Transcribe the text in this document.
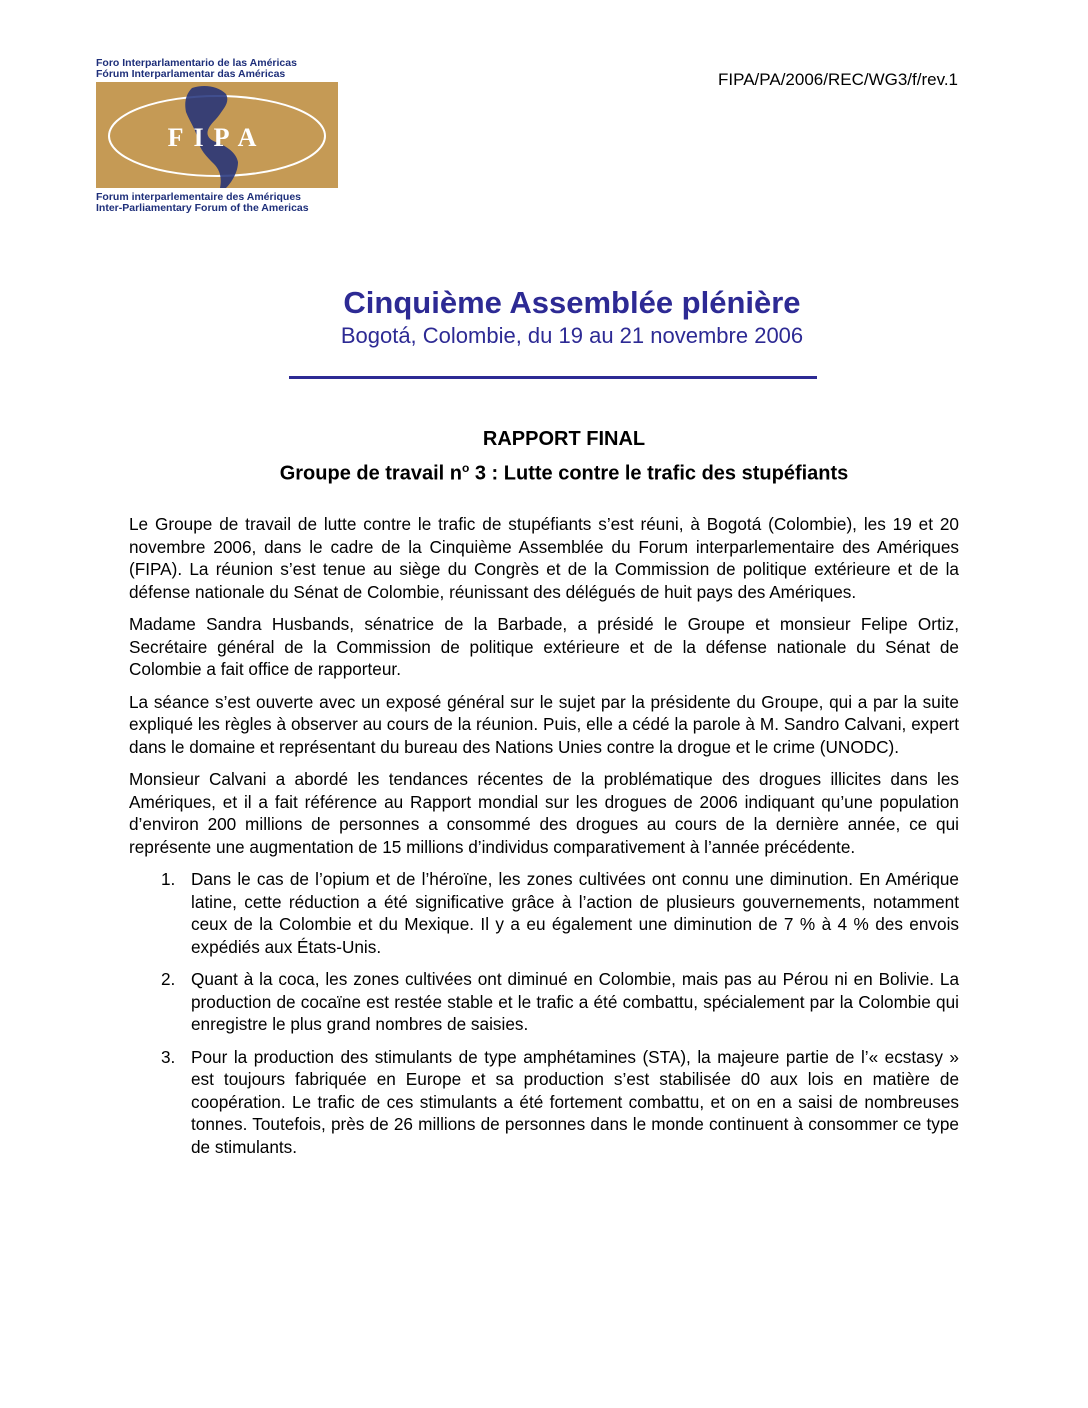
Foro Interparlamentario de las Américas
Fórum Interparlamentar das Américas
FIPA
Forum interparlementaire des Amériques
Inter-Parliamentary Forum of the Americas
FIPA/PA/2006/REC/WG3/f/rev.1
Cinquième Assemblée plénière
Bogotá, Colombie, du 19 au 21 novembre 2006
RAPPORT FINAL
Groupe de travail $n^o$ 3 : Lutte contre le trafic des stupéfiants

Le Groupe de travail de lutte contre le trafic de stupéfiants s’est réuni, à Bogotá (Colombie), les 19 et 20 novembre 2006, dans le cadre de la Cinquième Assemblée du Forum interparlementaire des Amériques (FIPA). La réunion s’est tenue au siège du Congrès et de la Commission de politique extérieure et de la défense nationale du Sénat de Colombie, réunissant des délégués de huit pays des Amériques.

Madame Sandra Husbands, sénatrice de la Barbade, a présidé le Groupe et monsieur Felipe Ortiz, Secrétaire général de la Commission de politique extérieure et de la défense nationale du Sénat de Colombie a fait office de rapporteur.

La séance s’est ouverte avec un exposé général sur le sujet par la présidente du Groupe, qui a par la suite expliqué les règles à observer au cours de la réunion. Puis, elle a cédé la parole à M. Sandro Calvani, expert dans le domaine et représentant du bureau des Nations Unies contre la drogue et le crime (UNODC).

Monsieur Calvani a abordé les tendances récentes de la problématique des drogues illicites dans les Amériques, et il a fait référence au Rapport mondial sur les drogues de 2006 indiquant qu’une population d’environ 200 millions de personnes a consommé des drogues au cours de la dernière année, ce qui représente une augmentation de 15 millions d’individus comparativement à l’année précédente.

1. Dans le cas de l’opium et de l’héroïne, les zones cultivées ont connu une diminution. En Amérique latine, cette réduction a été significative grâce à l’action de plusieurs gouvernements, notamment ceux de la Colombie et du Mexique. Il y a eu également une diminution de 7 % à 4 % des envois expédiés aux États-Unis.
2. Quant à la coca, les zones cultivées ont diminué en Colombie, mais pas au Pérou ni en Bolivie. La production de cocaïne est restée stable et le trafic a été combattu, spécialement par la Colombie qui enregistre le plus grand nombres de saisies.
3. Pour la production des stimulants de type amphétamines (STA), la majeure partie de l’« ecstasy » est toujours fabriquée en Europe et sa production s’est stabilisée d0 aux lois en matière de coopération. Le trafic de ces stimulants a été fortement combattu, et on en a saisi de nombreuses tonnes. Toutefois, près de 26 millions de personnes dans le monde continuent à consommer ce type de stimulants.
